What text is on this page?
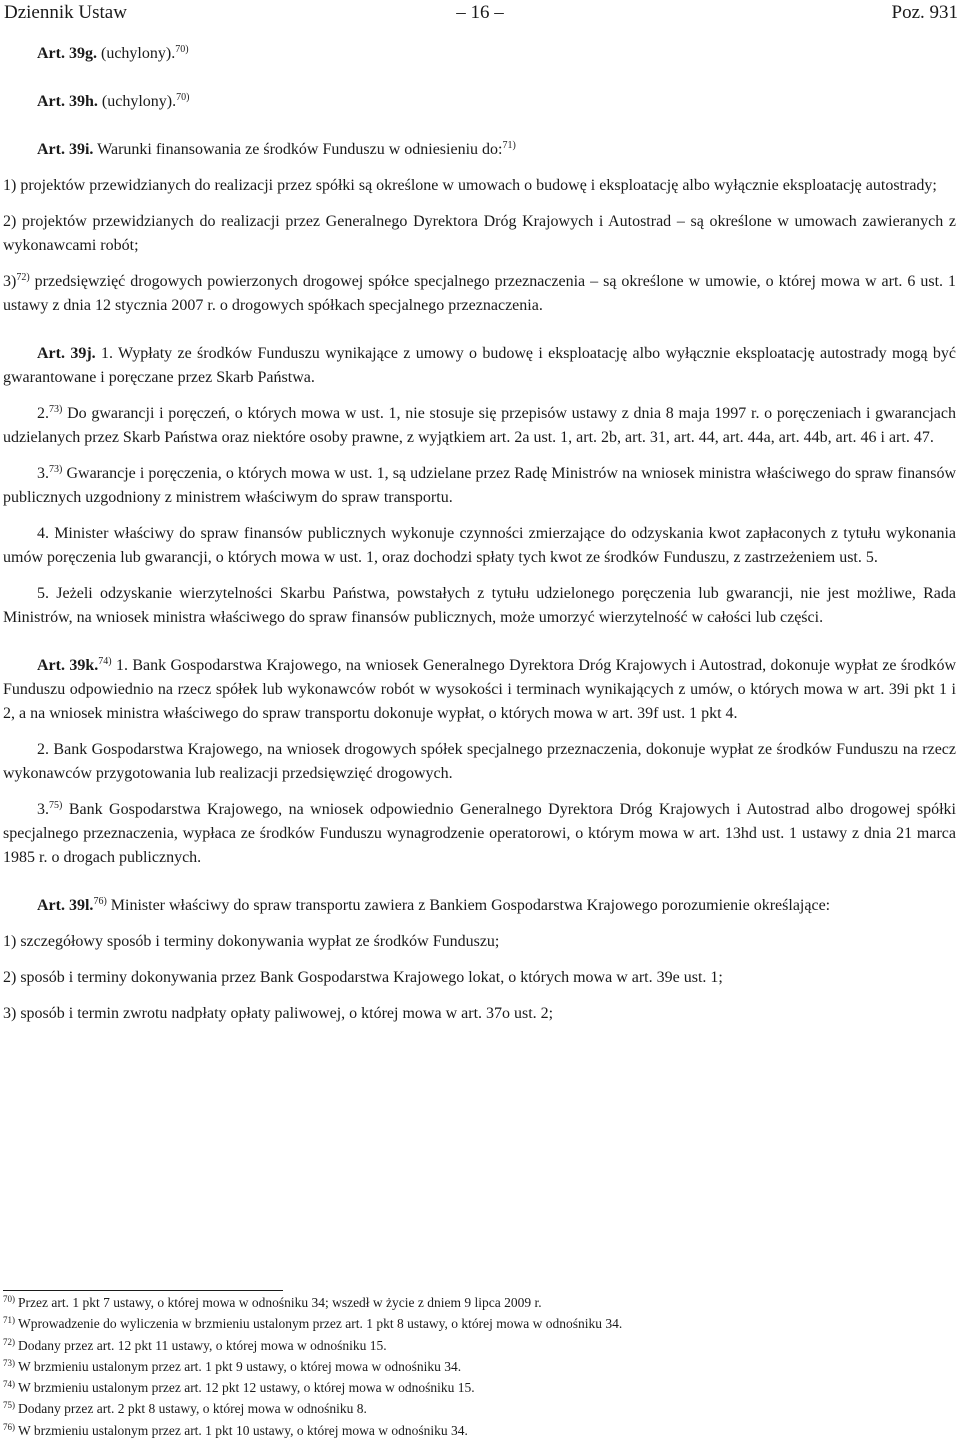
Dziennik Ustaw	– 16 –	Poz. 931

Art. 39g. (uchylony).$^{70)}$

Art. 39h. (uchylony).$^{70)}$

Art. 39i. Warunki finansowania ze środków Funduszu w odniesieniu do:$^{71)}$

1) projektów przewidzianych do realizacji przez spółki są określone w umowach o budowę i eksploatację albo wyłącznie eksploatację autostrady;

2) projektów przewidzianych do realizacji przez Generalnego Dyrektora Dróg Krajowych i Autostrad – są określone w umowach zawieranych z wykonawcami robót;

3)$^{72)}$ przedsięwzięć drogowych powierzonych drogowej spółce specjalnego przeznaczenia – są określone w umowie, o której mowa w art. 6 ust. 1 ustawy z dnia 12 stycznia 2007 r. o drogowych spółkach specjalnego przeznaczenia.

Art. 39j. 1. Wypłaty ze środków Funduszu wynikające z umowy o budowę i eksploatację albo wyłącznie eksploatację autostrady mogą być gwarantowane i poręczane przez Skarb Państwa.

2.$^{73)}$ Do gwarancji i poręczeń, o których mowa w ust. 1, nie stosuje się przepisów ustawy z dnia 8 maja 1997 r. o poręczeniach i gwarancjach udzielanych przez Skarb Państwa oraz niektóre osoby prawne, z wyjątkiem art. 2a ust. 1, art. 2b, art. 31, art. 44, art. 44a, art. 44b, art. 46 i art. 47.

3.$^{73)}$ Gwarancje i poręczenia, o których mowa w ust. 1, są udzielane przez Radę Ministrów na wniosek ministra właściwego do spraw finansów publicznych uzgodniony z ministrem właściwym do spraw transportu.

4. Minister właściwy do spraw finansów publicznych wykonuje czynności zmierzające do odzyskania kwot zapłaconych z tytułu wykonania umów poręczenia lub gwarancji, o których mowa w ust. 1, oraz dochodzi spłaty tych kwot ze środków Funduszu, z zastrzeżeniem ust. 5.

5. Jeżeli odzyskanie wierzytelności Skarbu Państwa, powstałych z tytułu udzielonego poręczenia lub gwarancji, nie jest możliwe, Rada Ministrów, na wniosek ministra właściwego do spraw finansów publicznych, może umorzyć wierzytelność w całości lub części.

Art. 39k.$^{74)}$ 1. Bank Gospodarstwa Krajowego, na wniosek Generalnego Dyrektora Dróg Krajowych i Autostrad, dokonuje wypłat ze środków Funduszu odpowiednio na rzecz spółek lub wykonawców robót w wysokości i terminach wynikających z umów, o których mowa w art. 39i pkt 1 i 2, a na wniosek ministra właściwego do spraw transportu dokonuje wypłat, o których mowa w art. 39f ust. 1 pkt 4.

2. Bank Gospodarstwa Krajowego, na wniosek drogowych spółek specjalnego przeznaczenia, dokonuje wypłat ze środków Funduszu na rzecz wykonawców przygotowania lub realizacji przedsięwzięć drogowych.

3.$^{75)}$ Bank Gospodarstwa Krajowego, na wniosek odpowiednio Generalnego Dyrektora Dróg Krajowych i Autostrad albo drogowej spółki specjalnego przeznaczenia, wypłaca ze środków Funduszu wynagrodzenie operatorowi, o którym mowa w art. 13hd ust. 1 ustawy z dnia 21 marca 1985 r. o drogach publicznych.

Art. 39l.$^{76)}$ Minister właściwy do spraw transportu zawiera z Bankiem Gospodarstwa Krajowego porozumienie określające:

1) szczegółowy sposób i terminy dokonywania wypłat ze środków Funduszu;

2) sposób i terminy dokonywania przez Bank Gospodarstwa Krajowego lokat, o których mowa w art. 39e ust. 1;

3) sposób i termin zwrotu nadpłaty opłaty paliwowej, o której mowa w art. 37o ust. 2;

$^{70)}$ Przez art. 1 pkt 7 ustawy, o której mowa w odnośniku 34; wszedł w życie z dniem 9 lipca 2009 r.

$^{71)}$ Wprowadzenie do wyliczenia w brzmieniu ustalonym przez art. 1 pkt 8 ustawy, o której mowa w odnośniku 34.

$^{72)}$ Dodany przez art. 12 pkt 11 ustawy, o której mowa w odnośniku 15.

$^{73)}$ W brzmieniu ustalonym przez art. 1 pkt 9 ustawy, o której mowa w odnośniku 34.

$^{74)}$ W brzmieniu ustalonym przez art. 12 pkt 12 ustawy, o której mowa w odnośniku 15.

$^{75)}$ Dodany przez art. 2 pkt 8 ustawy, o której mowa w odnośniku 8.

$^{76)}$ W brzmieniu ustalonym przez art. 1 pkt 10 ustawy, o której mowa w odnośniku 34.
